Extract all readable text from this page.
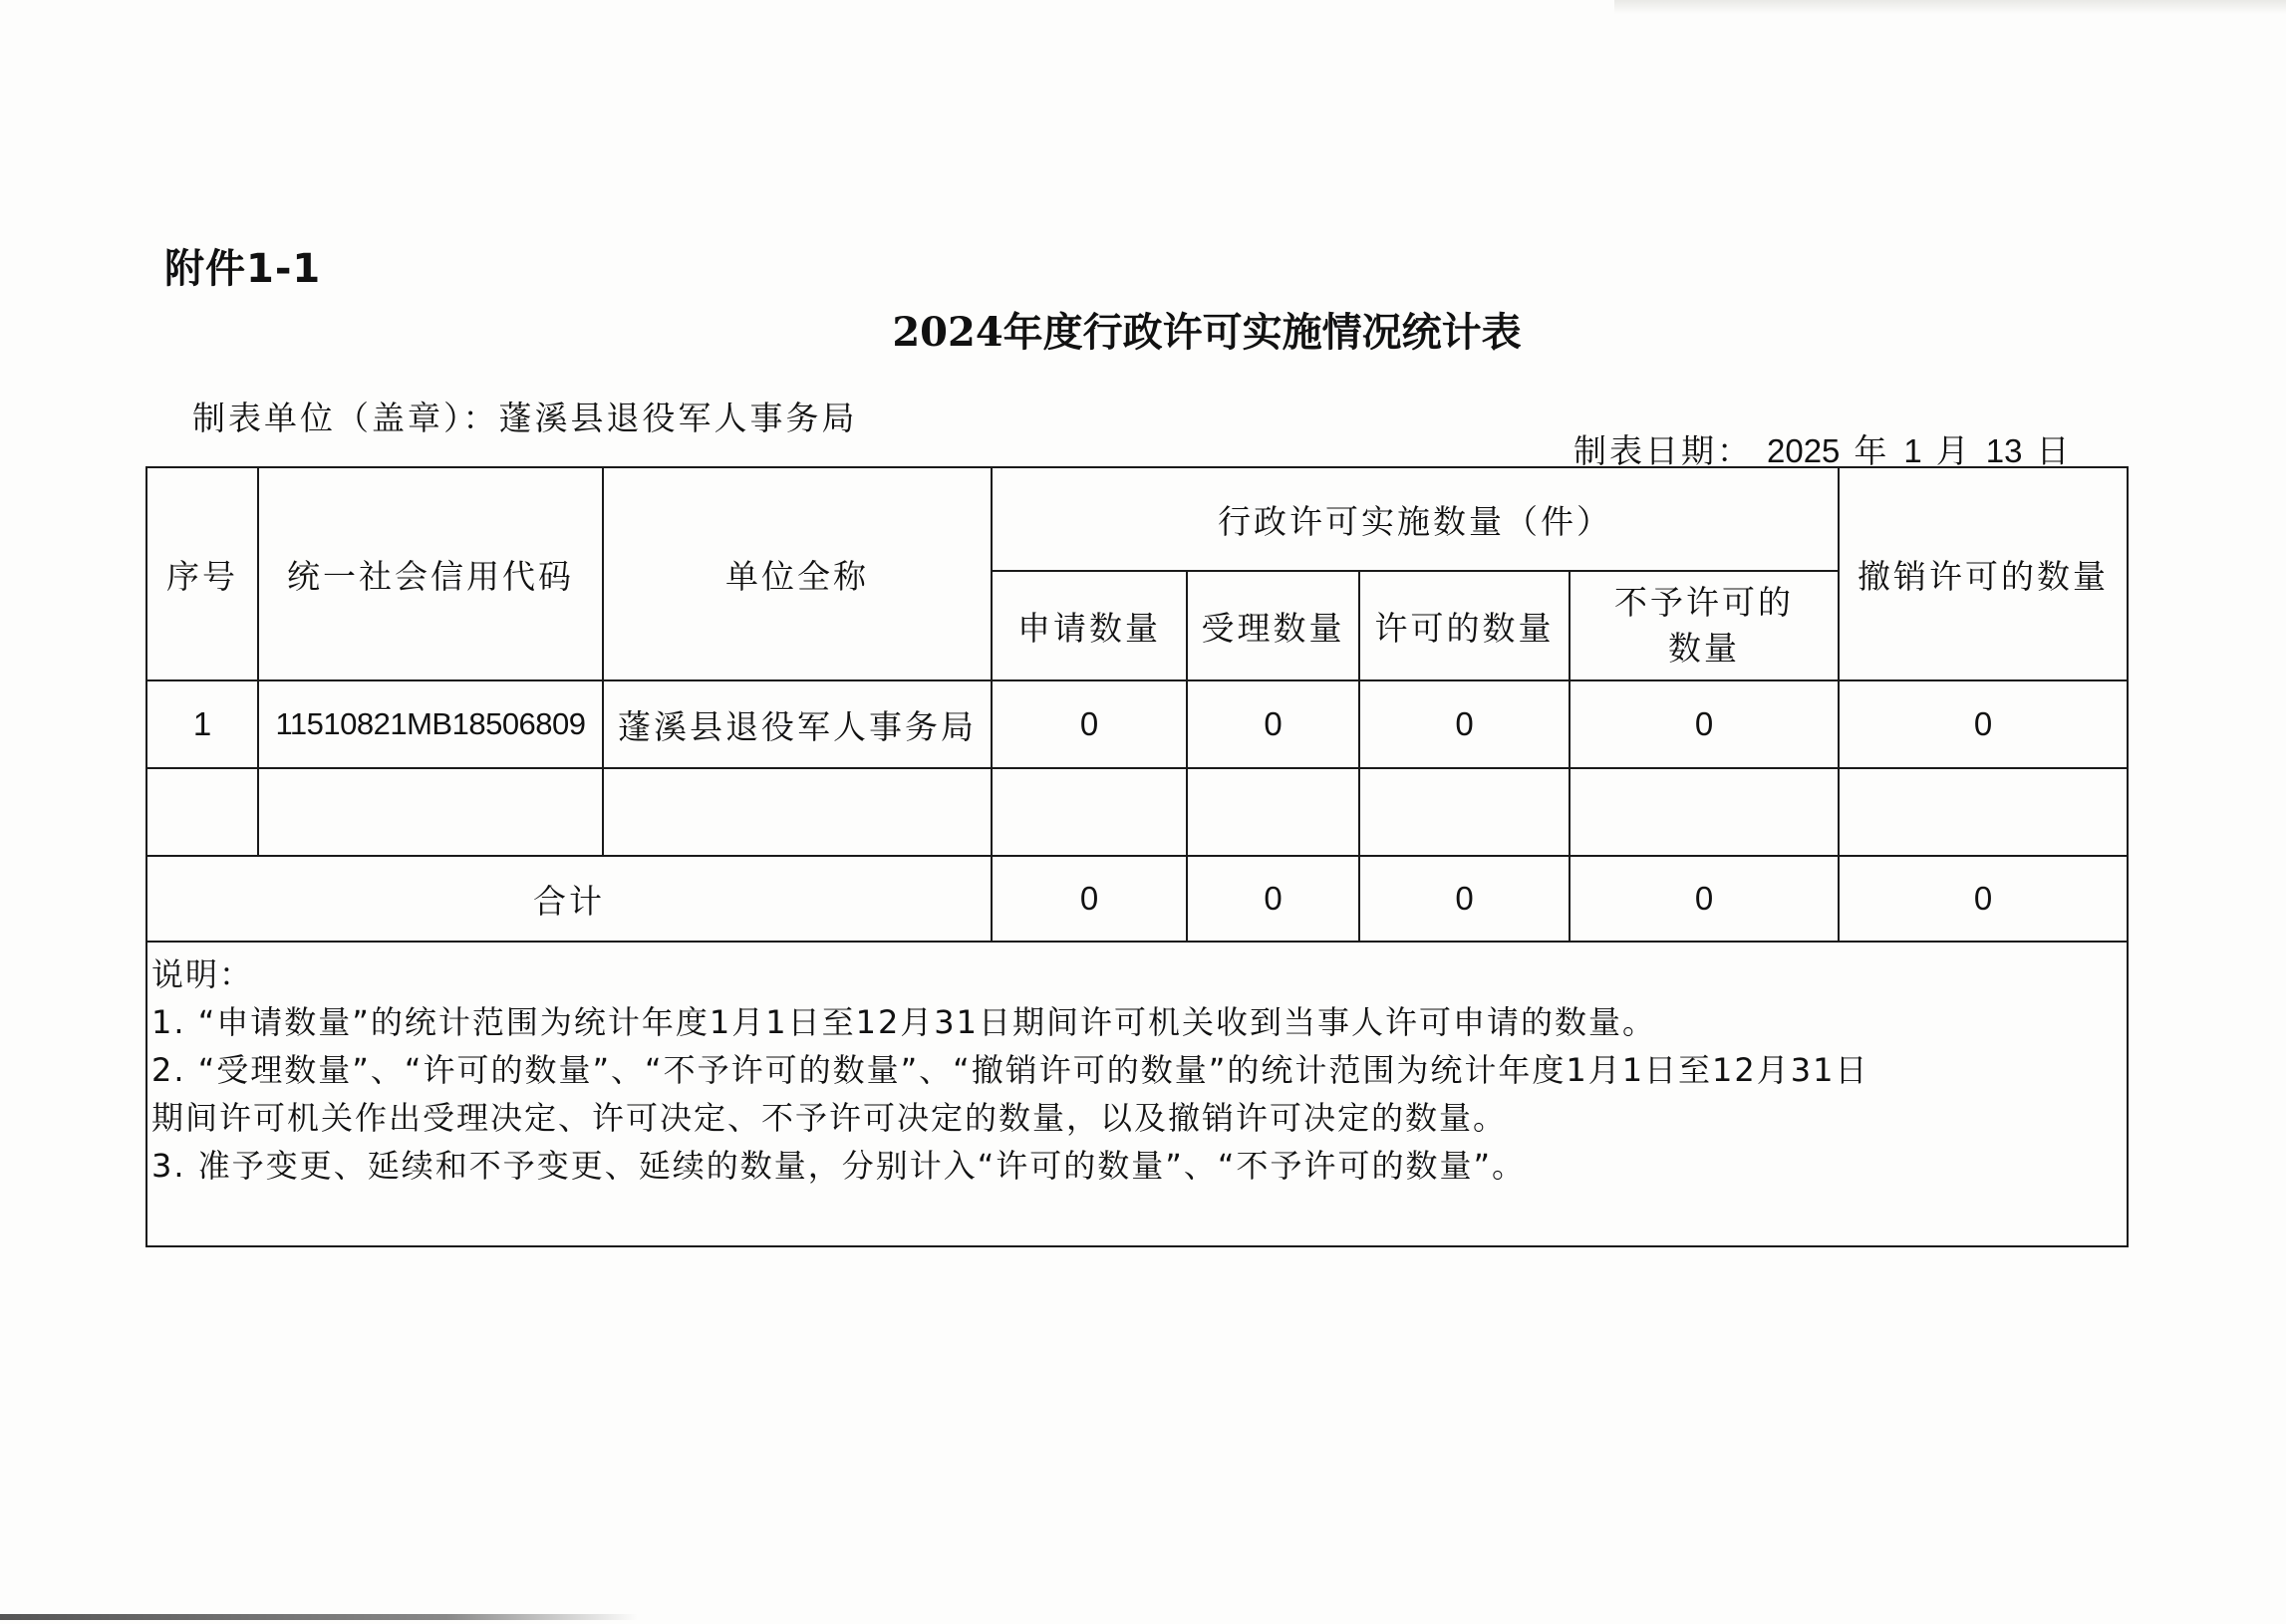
附件1-1
2024年度行政许可实施情况统计表
制表单位（盖章）：蓬溪县退役军人事务局

制表日期： 2025 年 1 月 13 日

序号	统一社会信用代码	单位全称	行政许可实施数量（件）				撤销许可的数量
			申请数量	受理数量	许可的数量	不予许可的数量	
1	11510821MB18506809	蓬溪县退役军人事务局	0	0	0	0	0

合计			0	0	0	0	0

说明：
1. “申请数量”的统计范围为统计年度1月1日至12月31日期间许可机关收到当事人许可申请的数量。
2. “受理数量”、“许可的数量”、“不予许可的数量”、“撤销许可的数量”的统计范围为统计年度1月1日至12月31日
期间许可机关作出受理决定、许可决定、不予许可决定的数量，以及撤销许可决定的数量。
3. 准予变更、延续和不予变更、延续的数量，分别计入“许可的数量”、“不予许可的数量”。							
